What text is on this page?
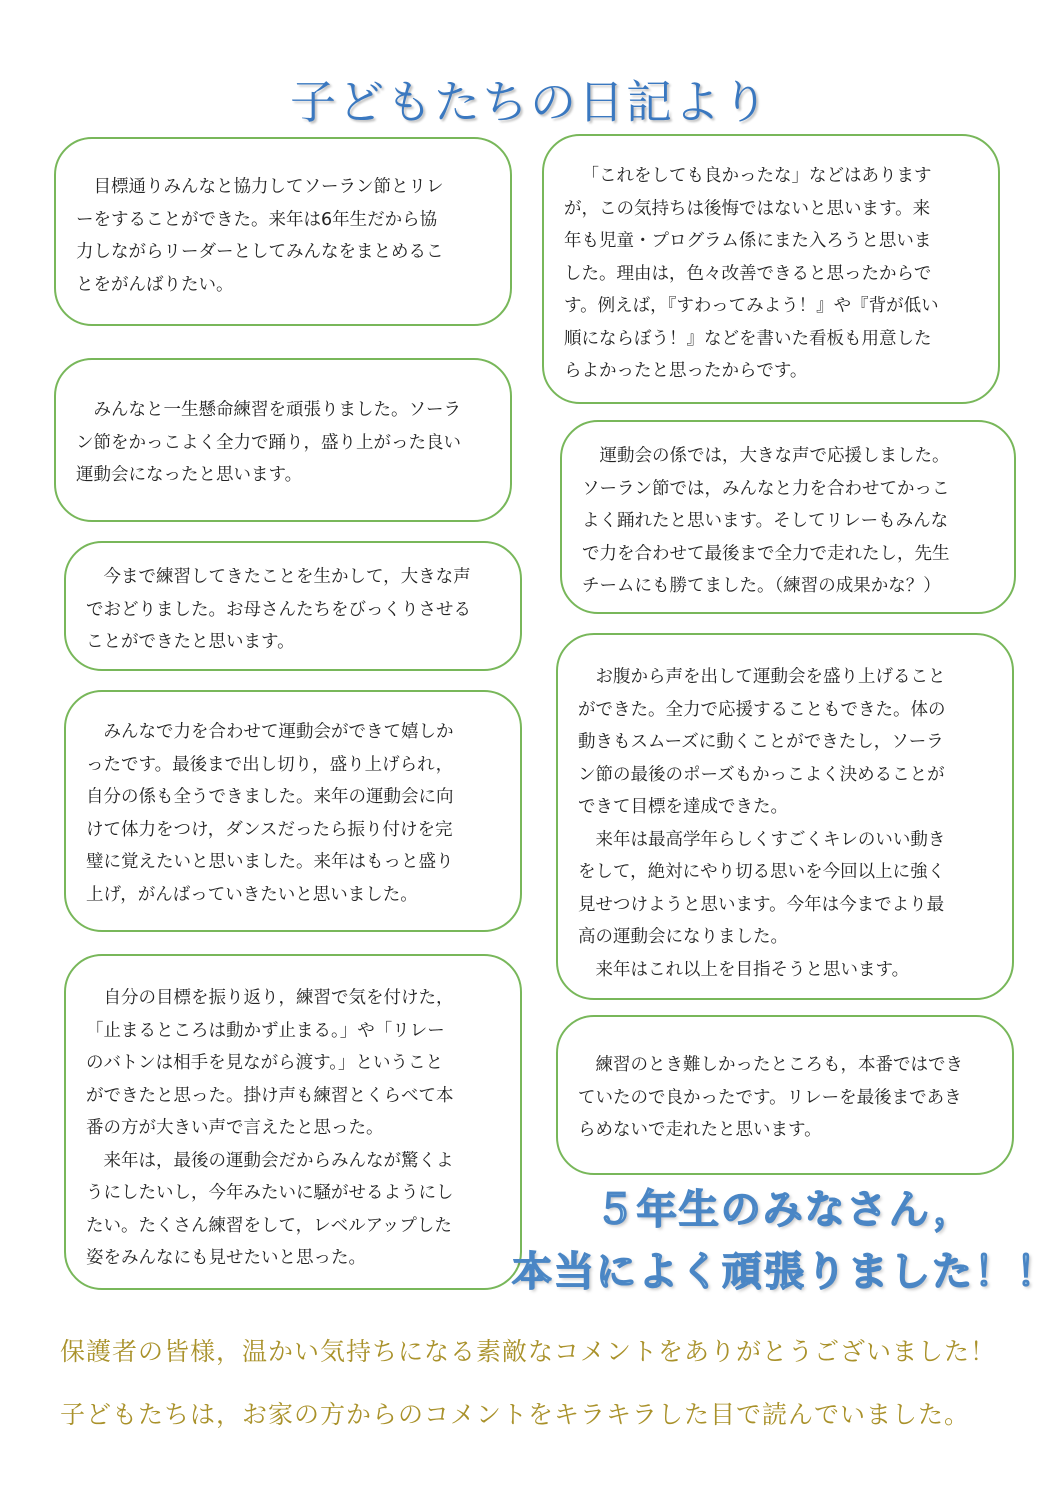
子どもたちの日記より

目標通りみんなと協力してソーラン節とリレ
ーをすることができた。来年は6年生だから協
力しながらリーダーとしてみんなをまとめるこ
とをがんばりたい。

「これをしても良かったな」などはあります
が，この気持ちは後悔ではないと思います。来
年も児童・プログラム係にまた入ろうと思いま
した。理由は，色々改善できると思ったからで
す。例えば，『すわってみよう！』や『背が低い
順にならぼう！』などを書いた看板も用意した
らよかったと思ったからです。

みんなと一生懸命練習を頑張りました。ソーラ
ン節をかっこよく全力で踊り，盛り上がった良い
運動会になったと思います。

運動会の係では，大きな声で応援しました。
ソーラン節では，みんなと力を合わせてかっこ
よく踊れたと思います。そしてリレーもみんな
で力を合わせて最後まで全力で走れたし，先生
チームにも勝てました。（練習の成果かな？）

今まで練習してきたことを生かして，大きな声
でおどりました。お母さんたちをびっくりさせる
ことができたと思います。

お腹から声を出して運動会を盛り上げること
ができた。全力で応援することもできた。体の
動きもスムーズに動くことができたし，ソーラ
ン節の最後のポーズもかっこよく決めることが
できて目標を達成できた。

来年は最高学年らしくすごくキレのいい動き
をして，絶対にやり切る思いを今回以上に強く
見せつけようと思います。今年は今までより最
高の運動会になりました。

来年はこれ以上を目指そうと思います。

みんなで力を合わせて運動会ができて嬉しか
ったです。最後まで出し切り，盛り上げられ，
自分の係も全うできました。来年の運動会に向
けて体力をつけ，ダンスだったら振り付けを完
璧に覚えたいと思いました。来年はもっと盛り
上げ，がんばっていきたいと思いました。

練習のとき難しかったところも，本番ではでき
ていたので良かったです。リレーを最後まであき
らめないで走れたと思います。

自分の目標を振り返り，練習で気を付けた，
「止まるところは動かず止まる。」や「リレー
のバトンは相手を見ながら渡す。」ということ
ができたと思った。掛け声も練習とくらべて本
番の方が大きい声で言えたと思った。

来年は，最後の運動会だからみんなが驚くよ
うにしたいし，今年みたいに騒がせるようにし
たい。たくさん練習をして，レベルアップした
姿をみんなにも見せたいと思った。

５年生のみなさん，
本当によく頑張りました！！
保護者の皆様，温かい気持ちになる素敵なコメントをありがとうございました！
子どもたちは，お家の方からのコメントをキラキラした目で読んでいました。
